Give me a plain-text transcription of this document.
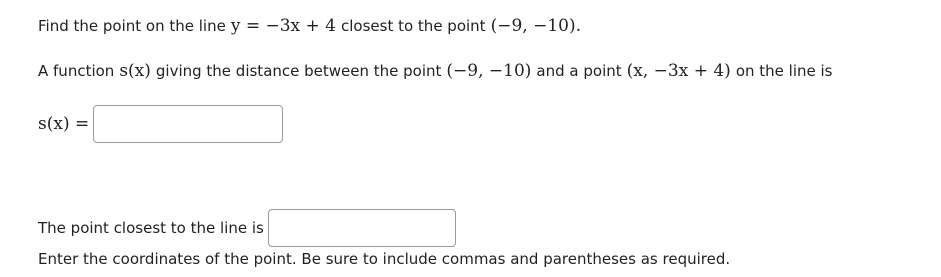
Find the point on the line y = −3x + 4 closest to the point (−9, −10).
A function s(x) giving the distance between the point (−9, −10) and a point (x, −3x + 4) on the line is
s(x) =
The point closest to the line is
Enter the coordinates of the point. Be sure to include commas and parentheses as required.
